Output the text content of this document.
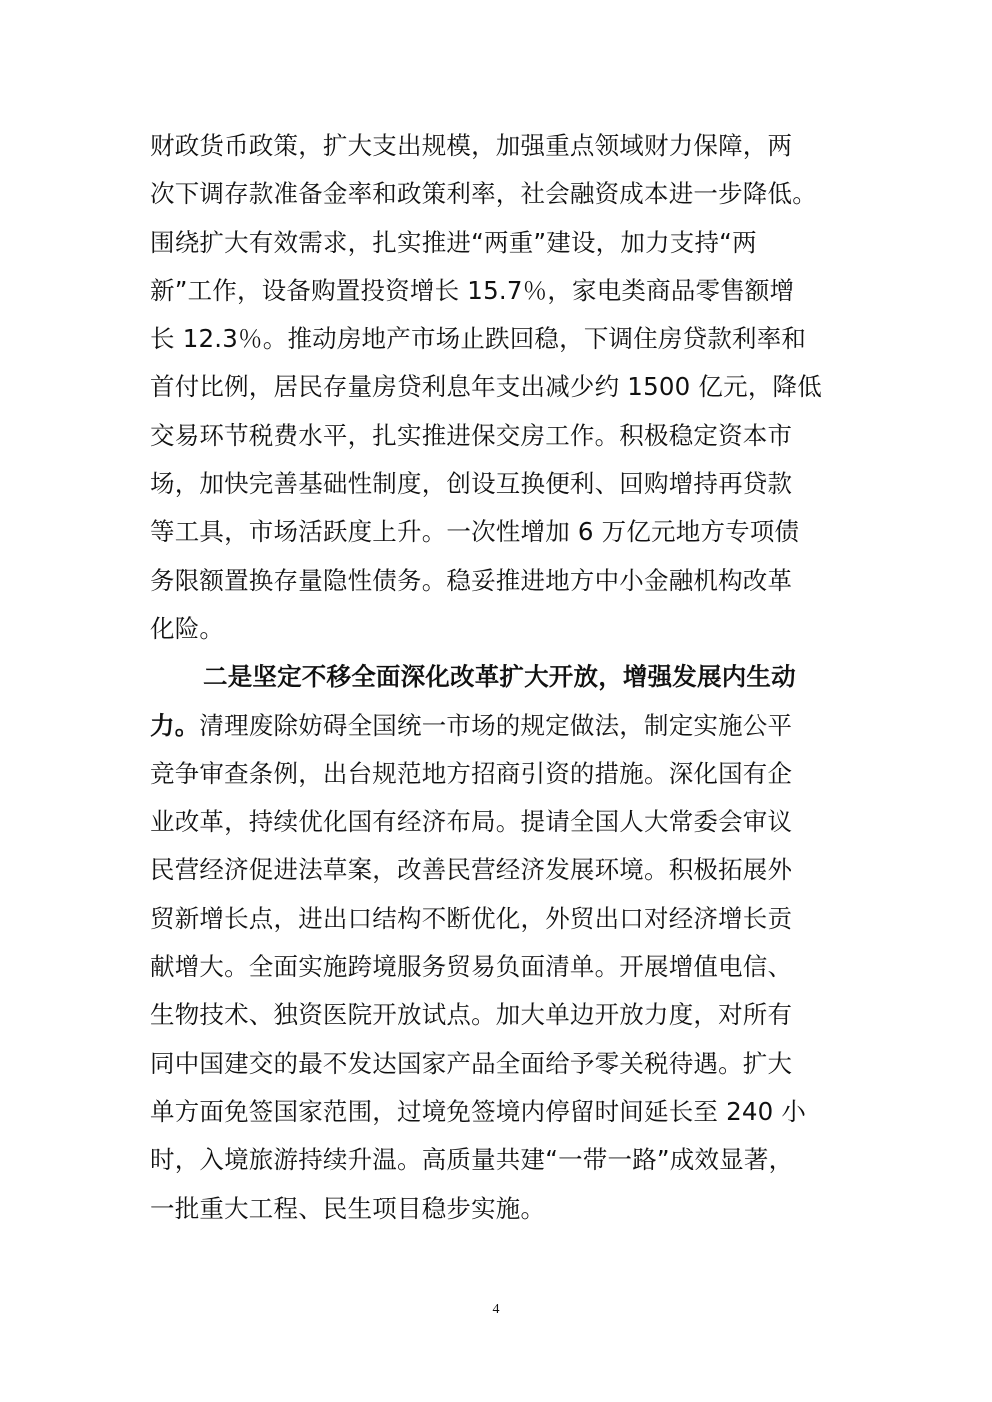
财政货币政策，扩大支出规模，加强重点领域财力保障，两
次下调存款准备金率和政策利率，社会融资成本进一步降低。
围绕扩大有效需求，扎实推进“两重”建设，加力支持“两
新”工作，设备购置投资增长 15.7％，家电类商品零售额增
长 12.3％。推动房地产市场止跌回稳，下调住房贷款利率和
首付比例，居民存量房贷利息年支出减少约 1500 亿元，降低
交易环节税费水平，扎实推进保交房工作。积极稳定资本市
场，加快完善基础性制度，创设互换便利、回购增持再贷款
等工具，市场活跃度上升。一次性增加 6 万亿元地方专项债
务限额置换存量隐性债务。稳妥推进地方中小金融机构改革
化险。
二是坚定不移全面深化改革扩大开放，增强发展内生动
力。清理废除妨碍全国统一市场的规定做法，制定实施公平
竞争审查条例，出台规范地方招商引资的措施。深化国有企
业改革，持续优化国有经济布局。提请全国人大常委会审议
民营经济促进法草案，改善民营经济发展环境。积极拓展外
贸新增长点，进出口结构不断优化，外贸出口对经济增长贡
献增大。全面实施跨境服务贸易负面清单。开展增值电信、
生物技术、独资医院开放试点。加大单边开放力度，对所有
同中国建交的最不发达国家产品全面给予零关税待遇。扩大
单方面免签国家范围，过境免签境内停留时间延长至 240 小
时，入境旅游持续升温。高质量共建“一带一路”成效显著，
一批重大工程、民生项目稳步实施。
4
